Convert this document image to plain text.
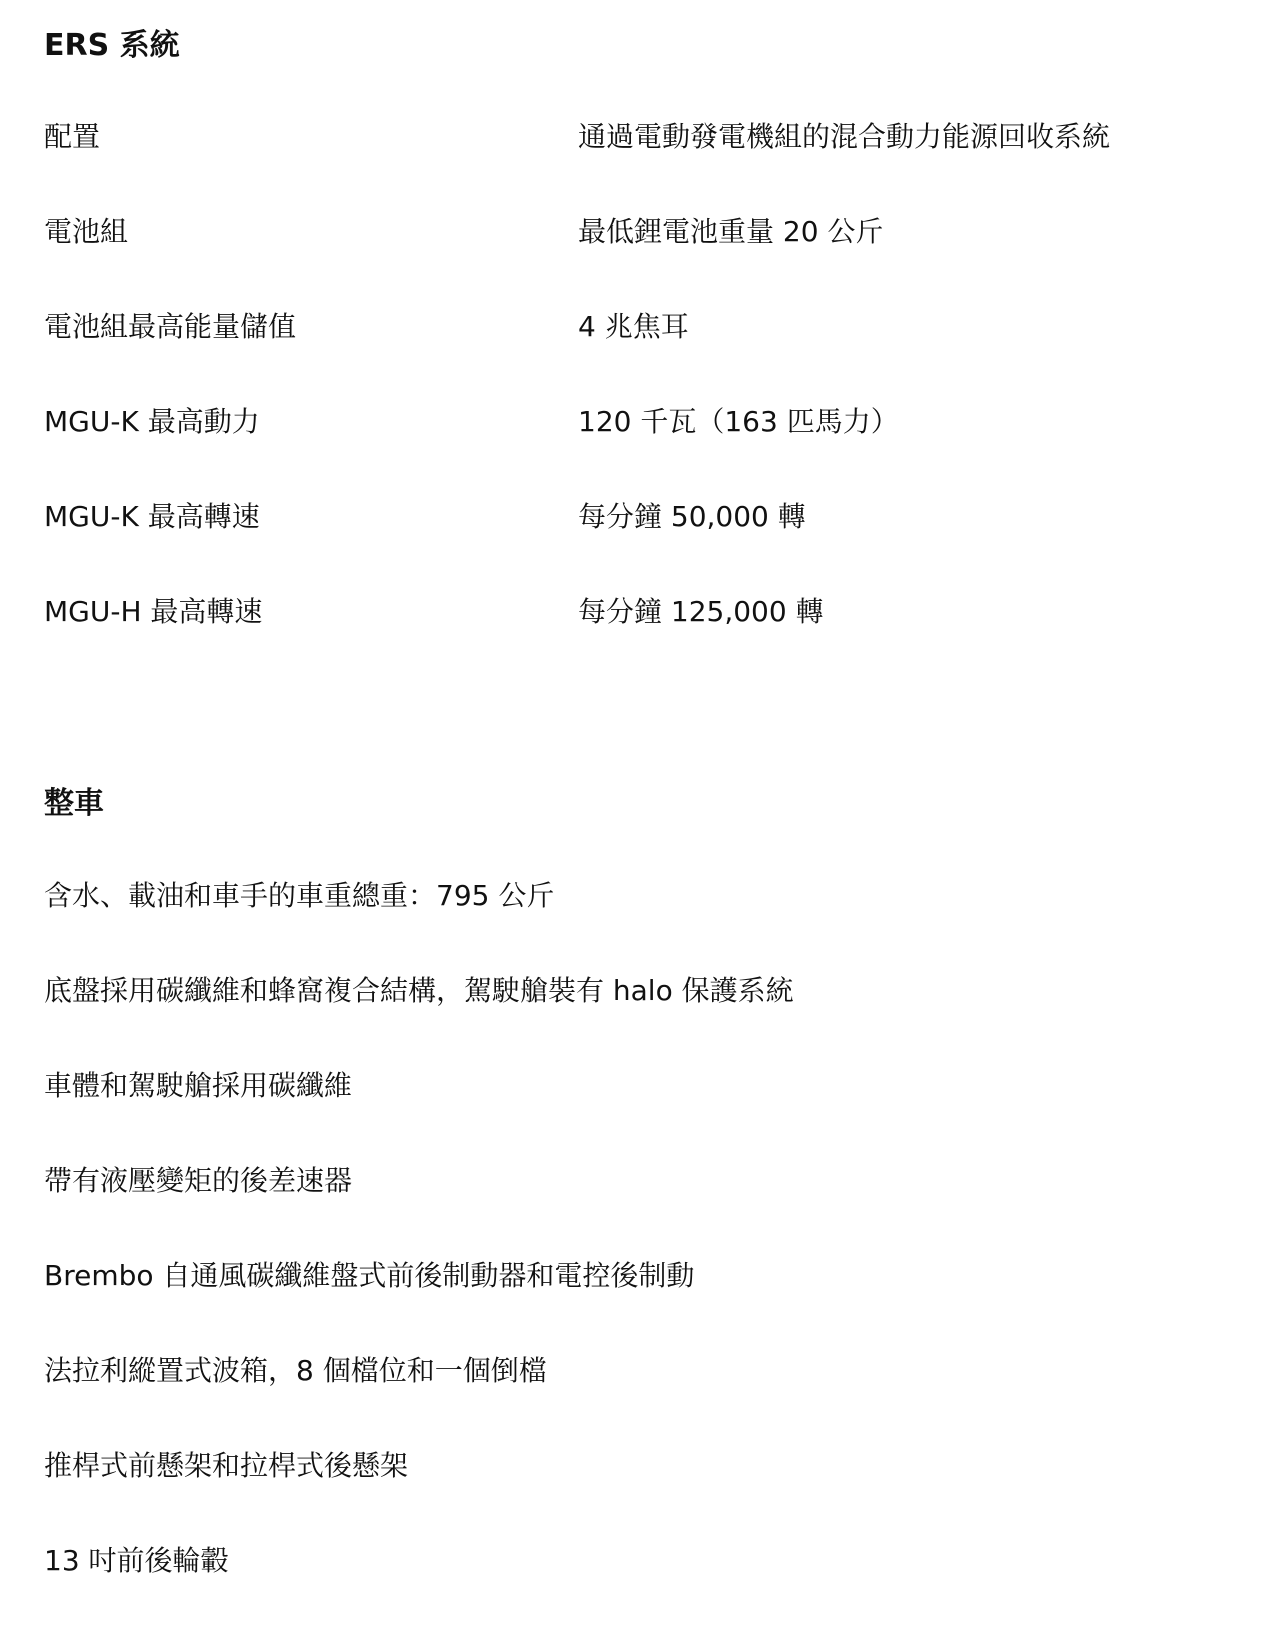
ERS 系統
配置	通過電動發電機組的混合動力能源回收系統
電池組	最低鋰電池重量 20 公斤
電池組最高能量儲值	4 兆焦耳
MGU-K 最高動力	120 千瓦（163 匹馬力）
MGU-K 最高轉速	每分鐘 50,000 轉
MGU-H 最高轉速	每分鐘 125,000 轉
整車
含水、載油和車手的車重總重：795 公斤
底盤採用碳纖維和蜂窩複合結構，駕駛艙裝有 halo 保護系統
車體和駕駛艙採用碳纖維
帶有液壓變矩的後差速器
Brembo 自通風碳纖維盤式前後制動器和電控後制動
法拉利縱置式波箱，8 個檔位和一個倒檔
推桿式前懸架和拉桿式後懸架
13 吋前後輪轂
